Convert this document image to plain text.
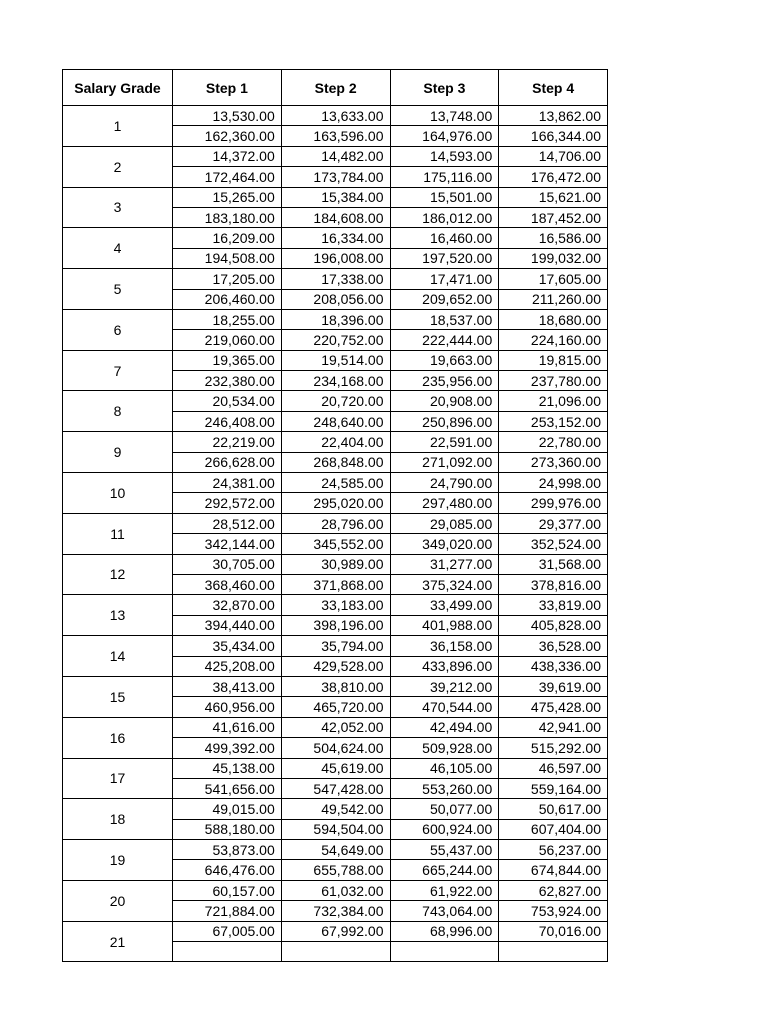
Salary Grade	Step 1	Step 2	Step 3	Step 4
1	13,530.00	13,633.00	13,748.00	13,862.00
	162,360.00	163,596.00	164,976.00	166,344.00
2	14,372.00	14,482.00	14,593.00	14,706.00
	172,464.00	173,784.00	175,116.00	176,472.00
3	15,265.00	15,384.00	15,501.00	15,621.00
	183,180.00	184,608.00	186,012.00	187,452.00
4	16,209.00	16,334.00	16,460.00	16,586.00
	194,508.00	196,008.00	197,520.00	199,032.00
5	17,205.00	17,338.00	17,471.00	17,605.00
	206,460.00	208,056.00	209,652.00	211,260.00
6	18,255.00	18,396.00	18,537.00	18,680.00
	219,060.00	220,752.00	222,444.00	224,160.00
7	19,365.00	19,514.00	19,663.00	19,815.00
	232,380.00	234,168.00	235,956.00	237,780.00
8	20,534.00	20,720.00	20,908.00	21,096.00
	246,408.00	248,640.00	250,896.00	253,152.00
9	22,219.00	22,404.00	22,591.00	22,780.00
	266,628.00	268,848.00	271,092.00	273,360.00
10	24,381.00	24,585.00	24,790.00	24,998.00
	292,572.00	295,020.00	297,480.00	299,976.00
11	28,512.00	28,796.00	29,085.00	29,377.00
	342,144.00	345,552.00	349,020.00	352,524.00
12	30,705.00	30,989.00	31,277.00	31,568.00
	368,460.00	371,868.00	375,324.00	378,816.00
13	32,870.00	33,183.00	33,499.00	33,819.00
	394,440.00	398,196.00	401,988.00	405,828.00
14	35,434.00	35,794.00	36,158.00	36,528.00
	425,208.00	429,528.00	433,896.00	438,336.00
15	38,413.00	38,810.00	39,212.00	39,619.00
	460,956.00	465,720.00	470,544.00	475,428.00
16	41,616.00	42,052.00	42,494.00	42,941.00
	499,392.00	504,624.00	509,928.00	515,292.00
17	45,138.00	45,619.00	46,105.00	46,597.00
	541,656.00	547,428.00	553,260.00	559,164.00
18	49,015.00	49,542.00	50,077.00	50,617.00
	588,180.00	594,504.00	600,924.00	607,404.00
19	53,873.00	54,649.00	55,437.00	56,237.00
	646,476.00	655,788.00	665,244.00	674,844.00
20	60,157.00	61,032.00	61,922.00	62,827.00
	721,884.00	732,384.00	743,064.00	753,924.00
21	67,005.00	67,992.00	68,996.00	70,016.00
